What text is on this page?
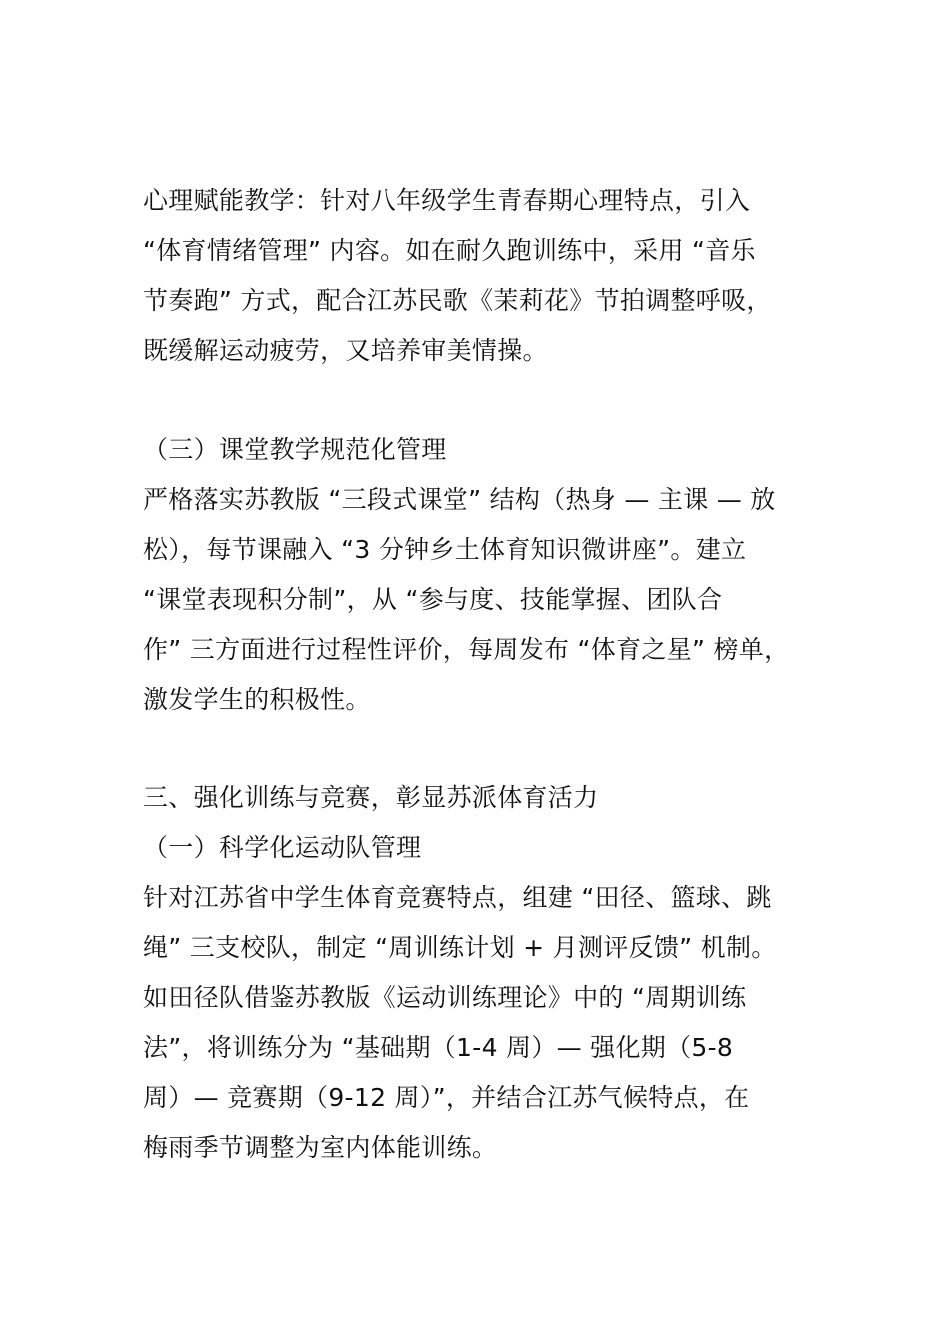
心理赋能教学：针对八年级学生青春期心理特点，引入
“体育情绪管理” 内容。如在耐久跑训练中，采用 “音乐
节奏跑” 方式，配合江苏民歌《茉莉花》节拍调整呼吸，
既缓解运动疲劳，又培养审美情操。
（三）课堂教学规范化管理
严格落实苏教版 “三段式课堂” 结构（热身 — 主课 — 放
松），每节课融入 “3 分钟乡土体育知识微讲座”。建立
“课堂表现积分制”，从 “参与度、技能掌握、团队合
作” 三方面进行过程性评价，每周发布 “体育之星” 榜单，
激发学生的积极性。
三、强化训练与竞赛，彰显苏派体育活力
（一）科学化运动队管理
针对江苏省中学生体育竞赛特点，组建 “田径、篮球、跳
绳” 三支校队，制定 “周训练计划 + 月测评反馈” 机制。
如田径队借鉴苏教版《运动训练理论》中的 “周期训练
法”，将训练分为 “基础期（1-4 周）— 强化期（5-8
周）— 竞赛期（9-12 周）”，并结合江苏气候特点，在
梅雨季节调整为室内体能训练。
